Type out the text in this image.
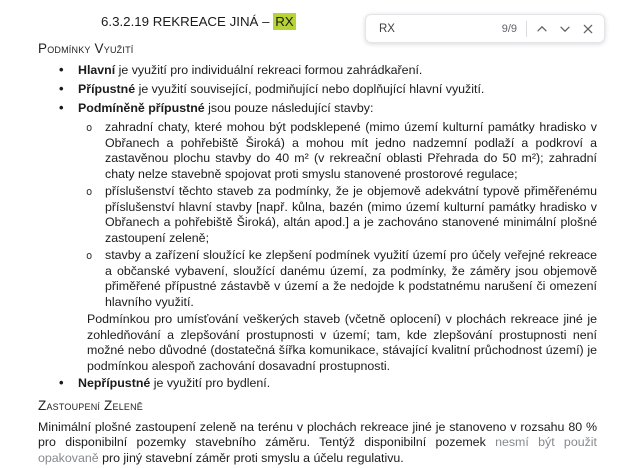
6.3.2.19 REKREACE JINÁ – RX
RX	9/9
Podmínky Využití
• Hlavní je využití pro individuální rekreaci formou zahrádkaření.
• Přípustné je využití související, podmiňující nebo doplňující hlavní využití.
• Podmíněně přípustné jsou pouze následující stavby:
o zahradní chaty, které mohou být podsklepené (mimo území kulturní památky hradisko v Obřanech a pohřebiště Široká) a mohou mít jedno nadzemní podlaží a podkroví a zastavěnou plochu stavby do 40 m² (v rekreační oblasti Přehrada do 50 m²); zahradní chaty nelze stavebně spojovat proti smyslu stanovené prostorové regulace;
o příslušenství těchto staveb za podmínky, že je objemově adekvátní typově přiměřenému příslušenství hlavní stavby [např. kůlna, bazén (mimo území kulturní památky hradisko v Obřanech a pohřebiště Široká), altán apod.] a je zachováno stanovené minimální plošné zastoupení zeleně;
o stavby a zařízení sloužící ke zlepšení podmínek využití území pro účely veřejné rekreace a občanské vybavení, sloužící danému území, za podmínky, že záměry jsou objemově přiměřené přípustné zástavbě v území a že nedojde k podstatnému narušení či omezení hlavního využití.

Podmínkou pro umísťování veškerých staveb (včetně oplocení) v plochách rekreace jiné je zohledňování a zlepšování prostupnosti v území; tam, kde zlepšování prostupnosti není možné nebo důvodné (dostatečná šířka komunikace, stávající kvalitní průchodnost území) je podmínkou alespoň zachování dosavadní prostupnosti.

• Nepřípustné je využití pro bydlení.
Zastoupení Zeleně

Minimální plošné zastoupení zeleně na terénu v plochách rekreace jiné je stanoveno v rozsahu 80 % pro disponibilní pozemky stavebního záměru. Tentýž disponibilní pozemek nesmí být použit opakovaně pro jiný stavební záměr proti smyslu a účelu regulativu.
